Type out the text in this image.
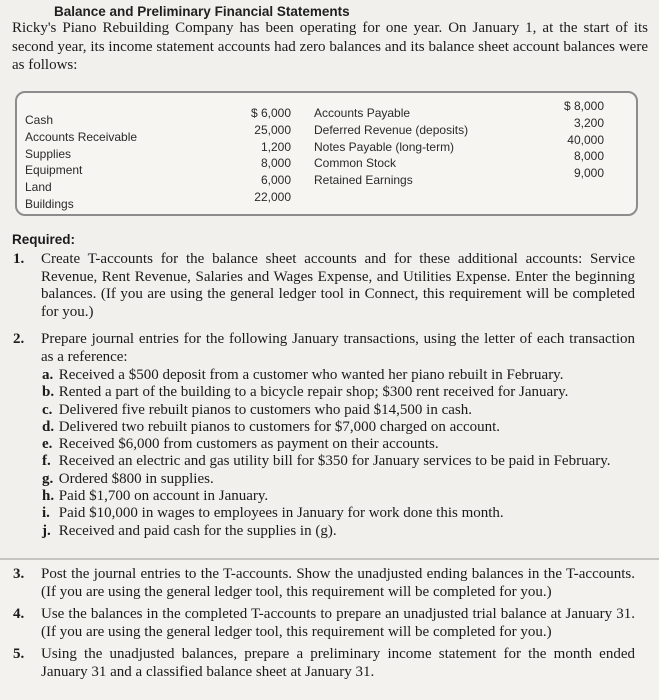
Balance and Preliminary Financial Statements
Ricky's Piano Rebuilding Company has been operating for one year. On January 1, at the start of its second year, its income statement accounts had zero balances and its balance sheet account balances were as follows:
Cash
Accounts Receivable
Supplies
Equipment
Land
Buildings
$ 6,000
25,000
1,200
8,000
6,000
22,000
Accounts Payable
Deferred Revenue (deposits)
Notes Payable (long-term)
Common Stock
Retained Earnings
$ 8,000
3,200
40,000
8,000
9,000
Required:
1. Create T-accounts for the balance sheet accounts and for these additional accounts: Service Revenue, Rent Revenue, Salaries and Wages Expense, and Utilities Expense. Enter the beginning balances. (If you are using the general ledger tool in Connect, this requirement will be completed for you.)
2. Prepare journal entries for the following January transactions, using the letter of each transaction as a reference:
a. Received a $500 deposit from a customer who wanted her piano rebuilt in February.
b. Rented a part of the building to a bicycle repair shop; $300 rent received for January.
c. Delivered five rebuilt pianos to customers who paid $14,500 in cash.
d. Delivered two rebuilt pianos to customers for $7,000 charged on account.
e. Received $6,000 from customers as payment on their accounts.
f. Received an electric and gas utility bill for $350 for January services to be paid in February.
g. Ordered $800 in supplies.
h. Paid $1,700 on account in January.
i. Paid $10,000 in wages to employees in January for work done this month.
j. Received and paid cash for the supplies in (g).
3. Post the journal entries to the T-accounts. Show the unadjusted ending balances in the T-accounts. (If you are using the general ledger tool, this requirement will be completed for you.)
4. Use the balances in the completed T-accounts to prepare an unadjusted trial balance at January 31. (If you are using the general ledger tool, this requirement will be completed for you.)
5. Using the unadjusted balances, prepare a preliminary income statement for the month ended January 31 and a classified balance sheet at January 31.
